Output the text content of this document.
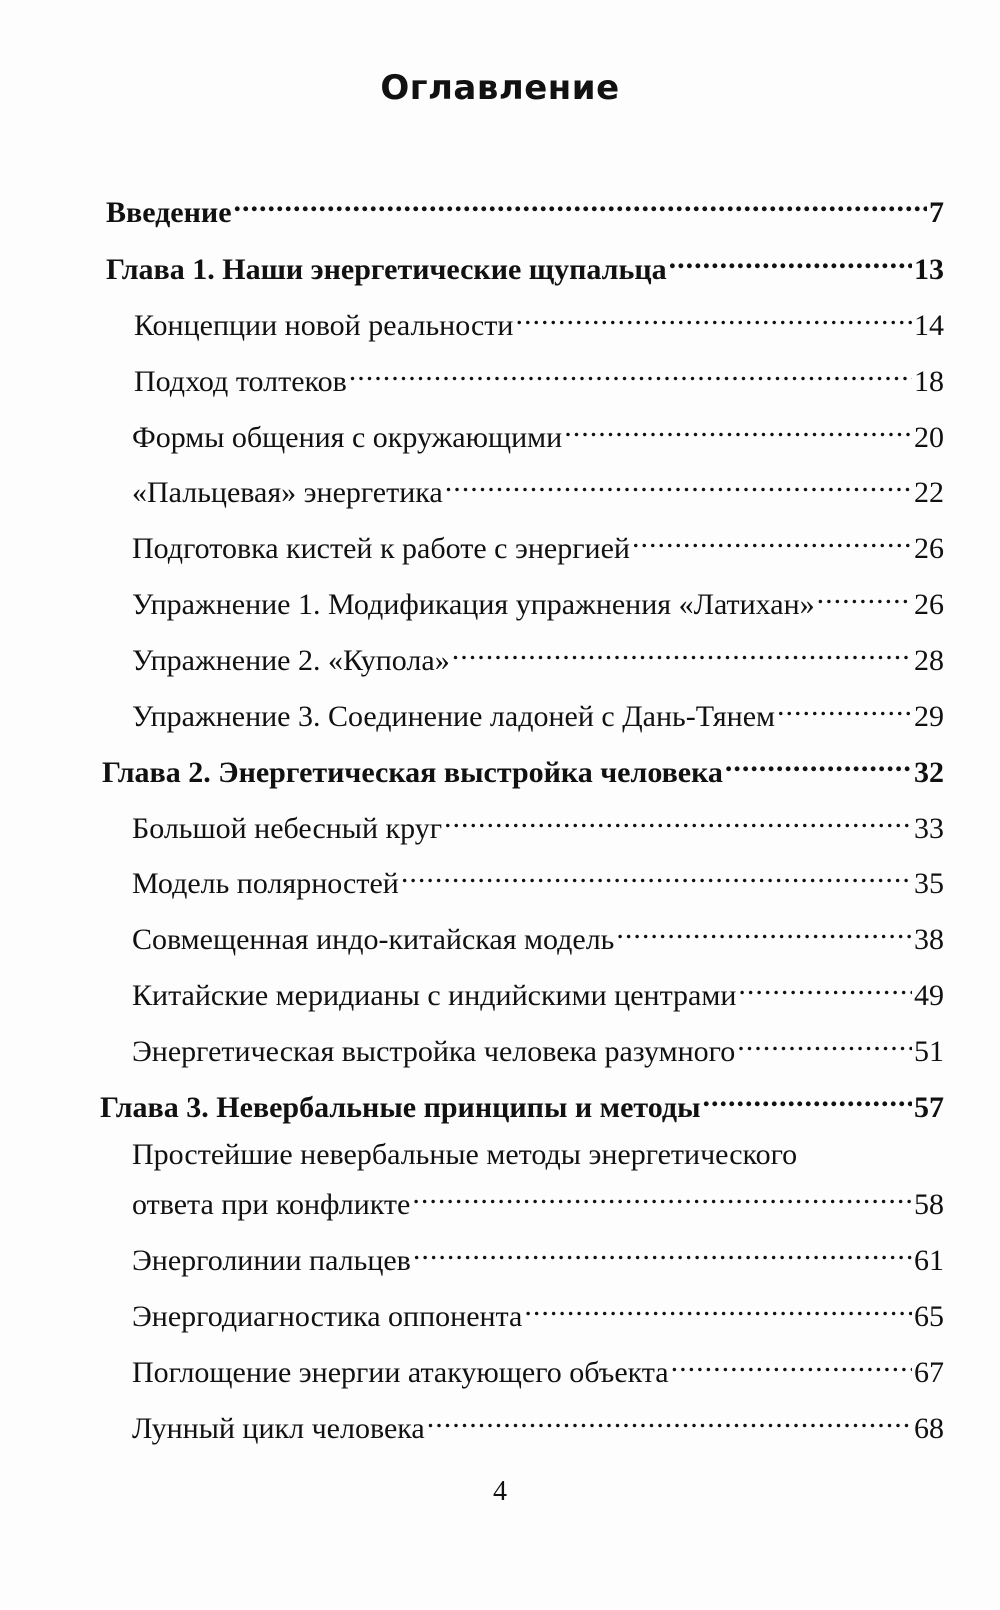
Оглавление
Введение .....	7
Глава 1. Наши энергетические щупальца .....	13
Концепции новой реальности .....	14
Подход толтеков .....	18
Формы общения с окружающими .....	20
«Пальцевая» энергетика .....	22
Подготовка кистей к работе с энергией .....	26
Упражнение 1. Модификация упражнения «Латихан» .....	26
Упражнение 2. «Купола» .....	28
Упражнение 3. Соединение ладоней с Дань-Тянем .....	29
Глава 2. Энергетическая выстройка человека .....	32
Большой небесный круг .....	33
Модель полярностей .....	35
Совмещенная индо-китайская модель .....	38
Китайские меридианы с индийскими центрами .....	49
Энергетическая выстройка человека разумного .....	51
Глава 3. Невербальные принципы и методы .....	57
Простейшие невербальные методы энергетического
ответа при конфликте .....	58
Энерголинии пальцев .....	61
Энергодиагностика оппонента .....	65
Поглощение энергии атакующего объекта .....	67
Лунный цикл человека .....	68
4
